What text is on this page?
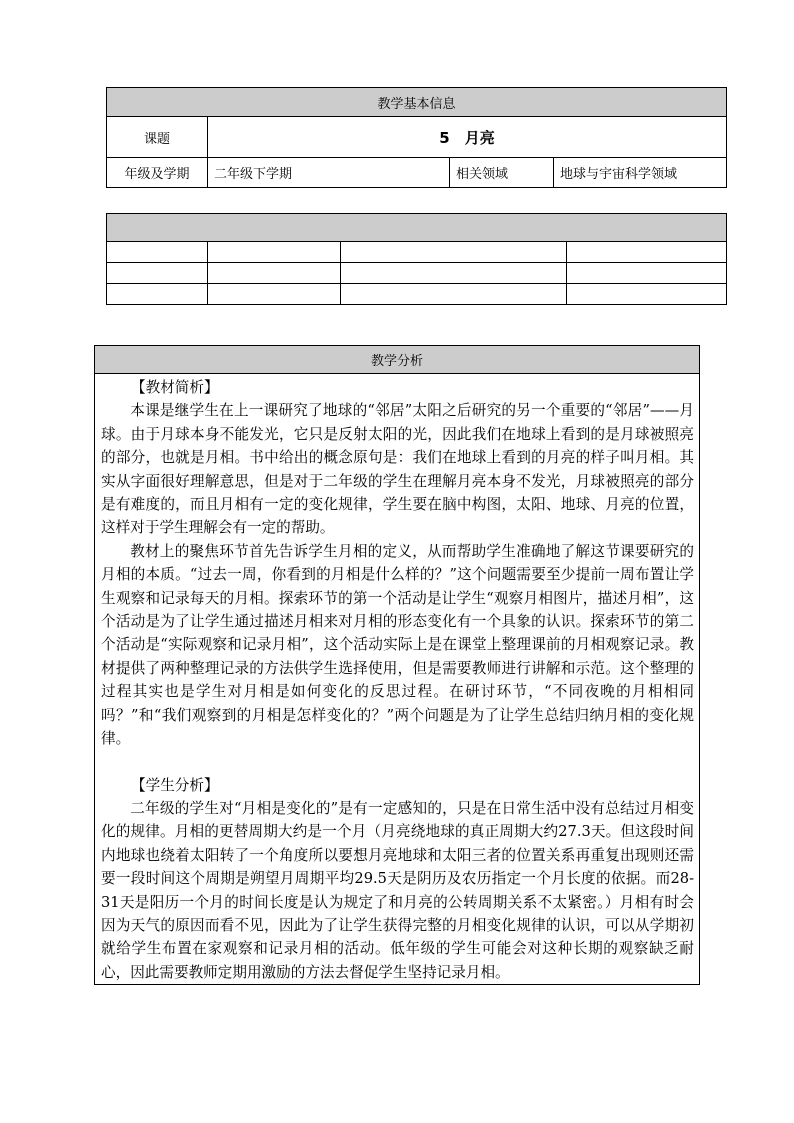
教学基本信息			
课题	5　月亮		
年级及学期	二年级下学期	相关领域	地球与宇宙科学领域

教学分析

【教材简析】

本课是继学生在上一课研究了地球的“邻居”太阳之后研究的另一个重要的“邻居”——月球。由于月球本身不能发光，它只是反射太阳的光，因此我们在地球上看到的是月球被照亮的部分，也就是月相。书中给出的概念原句是：我们在地球上看到的月亮的样子叫月相。其实从字面很好理解意思，但是对于二年级的学生在理解月亮本身不发光，月球被照亮的部分是有难度的，而且月相有一定的变化规律，学生要在脑中构图，太阳、地球、月亮的位置，这样对于学生理解会有一定的帮助。

教材上的聚焦环节首先告诉学生月相的定义，从而帮助学生准确地了解这节课要研究的月相的本质。“过去一周，你看到的月相是什么样的？”这个问题需要至少提前一周布置让学生观察和记录每天的月相。探索环节的第一个活动是让学生“观察月相图片，描述月相”，这个活动是为了让学生通过描述月相来对月相的形态变化有一个具象的认识。探索环节的第二个活动是“实际观察和记录月相”，这个活动实际上是在课堂上整理课前的月相观察记录。教材提供了两种整理记录的方法供学生选择使用，但是需要教师进行讲解和示范。这个整理的过程其实也是学生对月相是如何变化的反思过程。在研讨环节，“不同夜晚的月相相同吗？”和“我们观察到的月相是怎样变化的？”两个问题是为了让学生总结归纳月相的变化规律。

【学生分析】

二年级的学生对“月相是变化的”是有一定感知的，只是在日常生活中没有总结过月相变化的规律。月相的更替周期大约是一个月（月亮绕地球的真正周期大约27.3天。但这段时间内地球也绕着太阳转了一个角度所以要想月亮地球和太阳三者的位置关系再重复出现则还需要一段时间这个周期是朔望月周期平均29.5天是阴历及农历指定一个月长度的依据。而28-31天是阳历一个月的时间长度是认为规定了和月亮的公转周期关系不太紧密。）月相有时会因为天气的原因而看不见，因此为了让学生获得完整的月相变化规律的认识，可以从学期初就给学生布置在家观察和记录月相的活动。低年级的学生可能会对这种长期的观察缺乏耐心，因此需要教师定期用激励的方法去督促学生坚持记录月相。
